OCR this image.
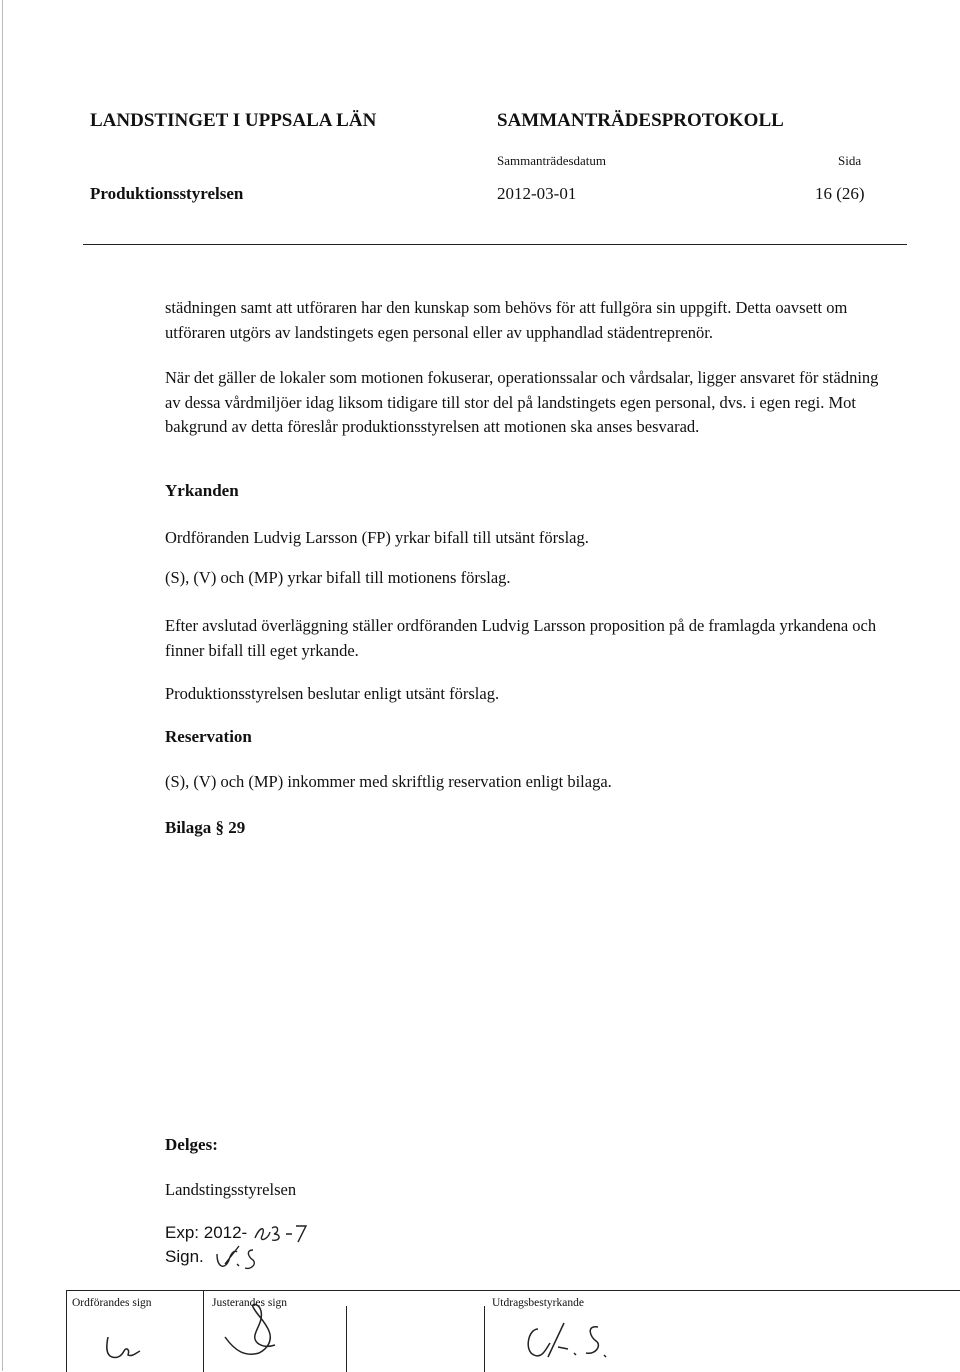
LANDSTINGET I UPPSALA LÄN	SAMMANTRÄDESPROTOKOLL
Sammanträdesdatum	Sida
Produktionsstyrelsen	2012-03-01	16 (26)
städningen samt att utföraren har den kunskap som behövs för att fullgöra sin uppgift. Detta oavsett om utföraren utgörs av landstingets egen personal eller av upphandlad städentreprenör.
När det gäller de lokaler som motionen fokuserar, operationssalar och vårdsalar, ligger ansvaret för städning av dessa vårdmiljöer idag liksom tidigare till stor del på landstingets egen personal, dvs. i egen regi. Mot bakgrund av detta föreslår produktionsstyrelsen att motionen ska anses besvarad.
Yrkanden
Ordföranden Ludvig Larsson (FP) yrkar bifall till utsänt förslag.
(S), (V) och (MP) yrkar bifall till motionens förslag.
Efter avslutad överläggning ställer ordföranden Ludvig Larsson proposition på de framlagda yrkandena och finner bifall till eget yrkande.
Produktionsstyrelsen beslutar enligt utsänt förslag.
Reservation
(S), (V) och (MP) inkommer med skriftlig reservation enligt bilaga.
Bilaga § 29
Delges:
Landstingsstyrelsen
Exp: 2012-
Sign.
Ordförandes sign	Justerandes sign	Utdragsbestyrkande
